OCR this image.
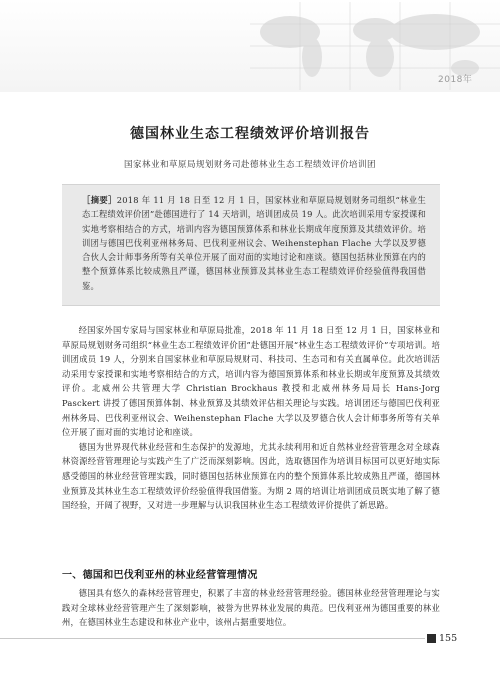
2018年
德国林业生态工程绩效评价培训报告
国家林业和草原局规划财务司赴德林业生态工程绩效评价培训团
［摘要］2018 年 11 月 18 日至 12 月 1 日，国家林业和草原局规划财务司组织“林业生态工程绩效评价团”赴德国进行了 14 天培训，培训团成员 19 人。此次培训采用专家授课和实地考察相结合的方式，培训内容为德国预算体系和林业长期成年度预算及其绩效评价。培训团与德国巴伐利亚州林务局、巴伐利亚州议会、Weihenstephan Flache 大学以及罗德合伙人会计师事务所等有关单位开展了面对面的实地讨论和座谈。德国包括林业预算在内的整个预算体系比较成熟且严谨，德国林业预算及其林业生态工程绩效评价经验值得我国借鉴。

经国家外国专家局与国家林业和草原局批准，2018 年 11 月 18 日至 12 月 1 日，国家林业和草原局规划财务司组织“林业生态工程绩效评价团”赴德国开展“林业生态工程绩效评价”专项培训。培训团成员 19 人，分别来自国家林业和草原局规财司、科技司、生态司和有关直属单位。此次培训活动采用专家授课和实地考察相结合的方式，培训内容为德国预算体系和林业长期或年度预算及其绩效评价。北威州公共管理大学 Christian Brockhaus 教授和北威州林务局局长 Hans-Jorg Pasckert 讲授了德国预算体制、林业预算及其绩效评估相关理论与实践。培训团还与德国巴伐利亚州林务局、巴伐利亚州议会、Weihenstephan Flache 大学以及罗德合伙人会计师事务所等有关单位开展了面对面的实地讨论和座谈。

德国为世界现代林业经营和生态保护的发源地，尤其永续利用和近自然林业经营管理念对全球森林资源经营管理理论与实践产生了广泛而深刻影响。因此，选取德国作为培训目标国可以更好地实际感受德国的林业经营管理实践，同时德国包括林业预算在内的整个预算体系比较成熟且严谨，德国林业预算及其林业生态工程绩效评价经验值得我国借鉴。为期 2 周的培训让培训团成员既实地了解了德国经验，开阔了视野，又对进一步理解与认识我国林业生态工程绩效评价提供了新思路。

一、德国和巴伐利亚州的林业经营管理情况

德国具有悠久的森林经营管理史，积累了丰富的林业经营管理经验。德国林业经营管理理论与实践对全球林业经营管理产生了深刻影响，被誉为世界林业发展的典范。巴伐利亚州为德国重要的林业州，在德国林业生态建设和林业产业中，该州占据重要地位。

155
